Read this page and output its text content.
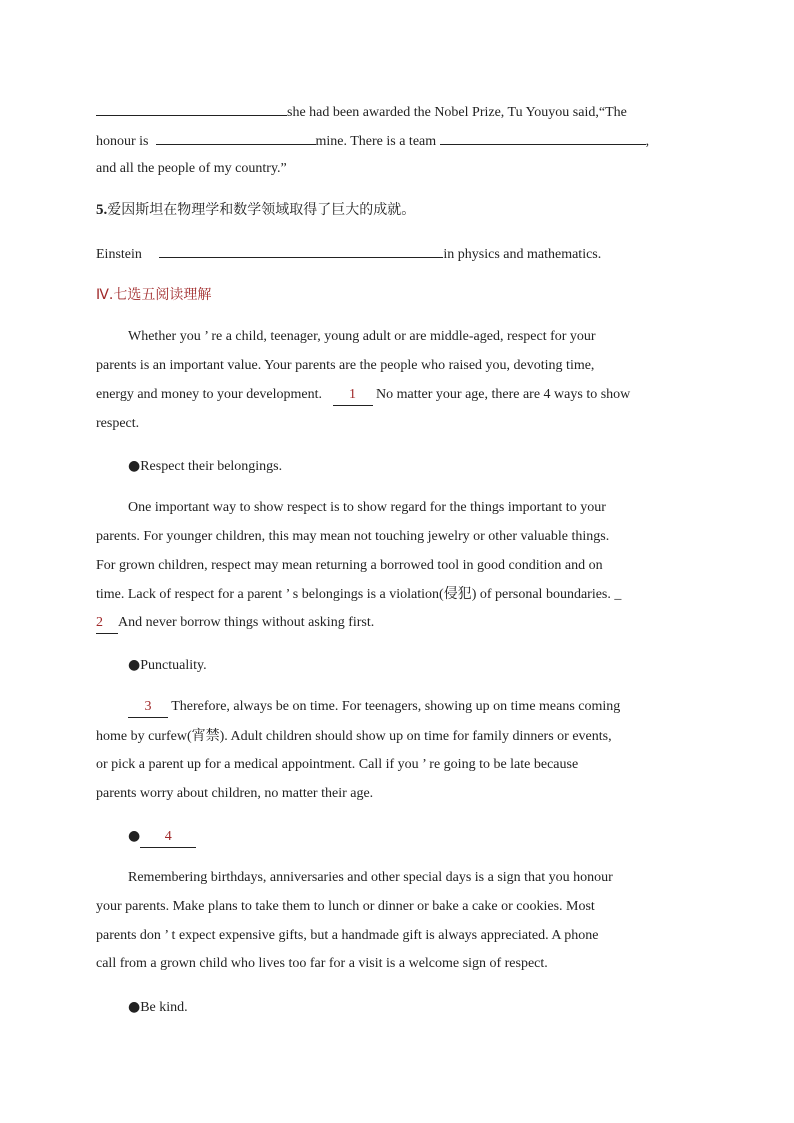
she had been awarded the Nobel Prize, Tu Youyou said,“The
honour is	mine. There is a team	,
and all the people of my country.”
5.爱因斯坦在物理学和数学领域取得了巨大的成就。
Einstein	in physics and mathematics.
Ⅳ.七选五阅读理解
Whether you ’ re a child, teenager, young adult or are middle-aged, respect for your
parents is an important value. Your parents are the people who raised you, devoting time,
energy and money to your development. 1 No matter your age, there are 4 ways to show
respect.
●Respect their belongings.
One important way to show respect is to show regard for the things important to your
parents. For younger children, this may mean not touching jewelry or other valuable things.
For grown children, respect may mean returning a borrowed tool in good condition and on
time. Lack of respect for a parent ’ s belongings is a violation(侵犯) of personal boundaries. _
2 And never borrow things without asking first.
●Punctuality.
3 Therefore, always be on time. For teenagers, showing up on time means coming
home by curfew(宵禁). Adult children should show up on time for family dinners or events,
or pick a parent up for a medical appointment. Call if you ’ re going to be late because
parents worry about children, no matter their age.
● 4
Remembering birthdays, anniversaries and other special days is a sign that you honour
your parents. Make plans to take them to lunch or dinner or bake a cake or cookies. Most
parents don ’ t expect expensive gifts, but a handmade gift is always appreciated. A phone
call from a grown child who lives too far for a visit is a welcome sign of respect.
●Be kind.
